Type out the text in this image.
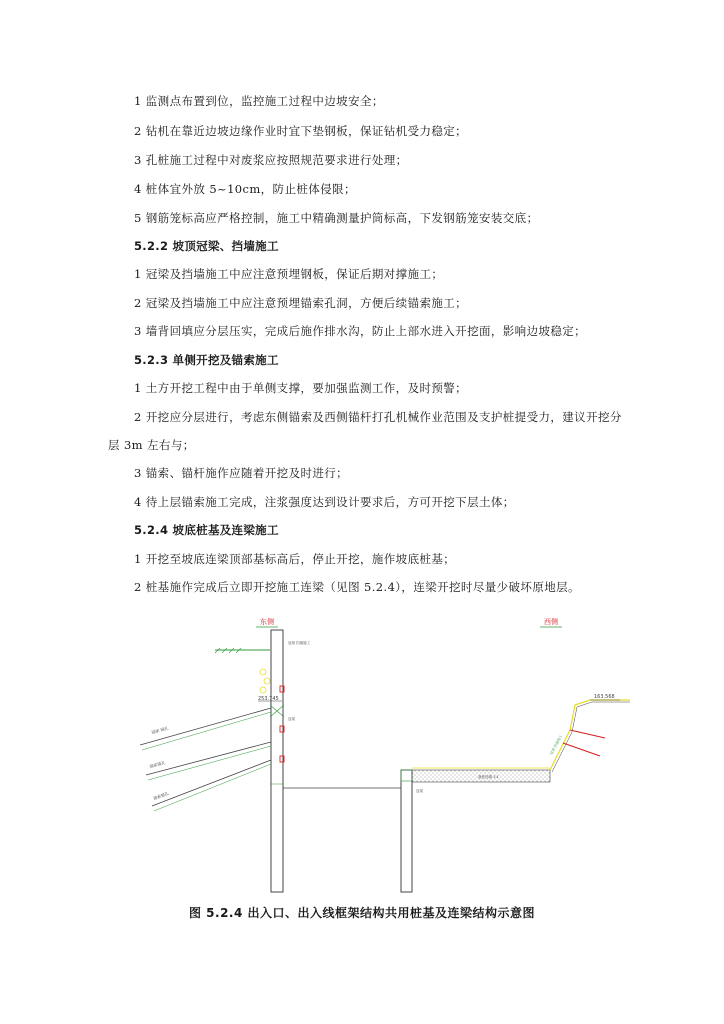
1 监测点布置到位，监控施工过程中边坡安全；
2 钻机在靠近边坡边缘作业时宜下垫钢板，保证钻机受力稳定；
3 孔桩施工过程中对废浆应按照规范要求进行处理；
4 桩体宜外放 5~10cm，防止桩体侵限；
5 钢筋笼标高应严格控制，施工中精确测量护筒标高，下发钢筋笼安装交底；
5.2.2 坡顶冠梁、挡墙施工
1 冠梁及挡墙施工中应注意预埋钢板，保证后期对撑施工；
2 冠梁及挡墙施工中应注意预埋锚索孔洞，方便后续锚索施工；
3 墙背回填应分层压实，完成后施作排水沟，防止上部水进入开挖面，影响边坡稳定；
5.2.3 单侧开挖及锚索施工
1 土方开挖工程中由于单侧支撑，要加强监测工作，及时预警；
2 开挖应分层进行，考虑东侧锚索及西侧锚杆打孔机械作业范围及支护桩提受力，建议开挖分
层 3m 左右与；
3 锚索、锚杆施作应随着开挖及时进行；
4 待上层锚索施工完成，注浆强度达到设计要求后，方可开挖下层土体；
5.2.4 坡底桩基及连梁施工
1 开挖至坡底连梁顶部基标高后，停止开挖，施作坡底桩基；
2 桩基施作完成后立即开挖施工连梁（见图 5.2.4），连梁开挖时尽量少破坏原地层。
东侧	西侧
冠梁 挡墙施工
253.745
连梁
锚索 锚孔
锚索锚孔
锚索锚孔	连梁
基底回填 1:1
163.568
冠梁 挡墙施工
图 5.2.4 出入口、出入线框架结构共用桩基及连梁结构示意图
